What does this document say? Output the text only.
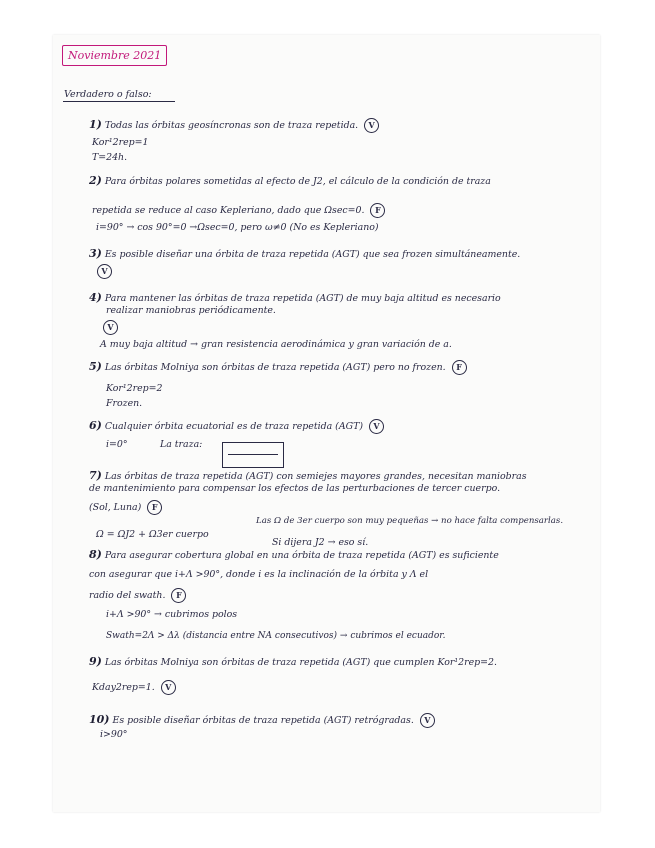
Noviembre 2021
Verdadero o falso:
1) Todas las órbitas geosíncronas son de traza repetida. V
Kor¹2rep=1
T=24h.
2) Para órbitas polares sometidas al efecto de J2, el cálculo de la condición de traza
repetida se reduce al caso Kepleriano, dado que Ωsec=0. F
i=90° → cos 90°=0 →Ωsec=0, pero ω≠0 (No es Kepleriano)
3) Es posible diseñar una órbita de traza repetida (AGT) que sea frozen simultáneamente.
V
4) Para mantener las órbitas de traza repetida (AGT) de muy baja altitud es necesario
realizar maniobras periódicamente.
V
A muy baja altitud → gran resistencia aerodinámica y gran variación de a.
5) Las órbitas Molniya son órbitas de traza repetida (AGT) pero no frozen. F
Kor¹2rep=2
Frozen.
6) Cualquier órbita ecuatorial es de traza repetida (AGT) V
i=0°	La traza:
7) Las órbitas de traza repetida (AGT) con semiejes mayores grandes, necesitan maniobras
de mantenimiento para compensar los efectos de las perturbaciones de tercer cuerpo.
(Sol, Luna) F
Las Ω de 3er cuerpo son muy pequeñas → no hace falta compensarlas.
Ω = ΩJ2 + Ω3er cuerpo
Si dijera J2 → eso sí.
8) Para asegurar cobertura global en una órbita de traza repetida (AGT) es suficiente
con asegurar que i+Λ >90°, donde i es la inclinación de la órbita y Λ el
radio del swath. F
i+Λ >90° → cubrimos polos
Swath=2Λ > Δλ (distancia entre NA consecutivos) → cubrimos el ecuador.
9) Las órbitas Molniya son órbitas de traza repetida (AGT) que cumplen Kor¹2rep=2.
Kday2rep=1. V
10) Es posible diseñar órbitas de traza repetida (AGT) retrógradas. V
i>90°
